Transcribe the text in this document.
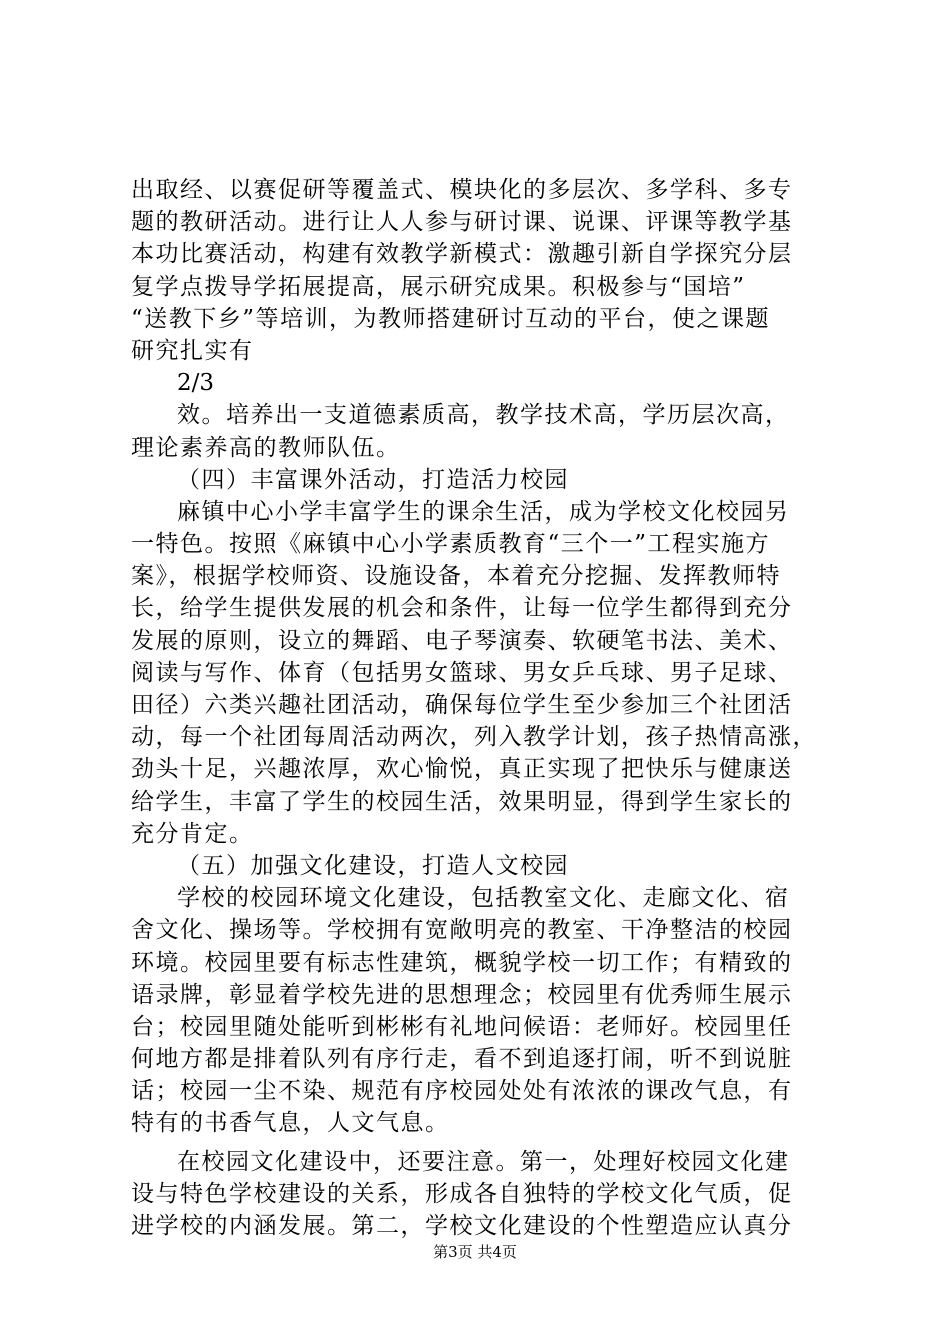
出取经、以赛促研等覆盖式、模块化的多层次、多学科、多专
题的教研活动。进行让人人参与研讨课、说课、评课等教学基
本功比赛活动，构建有效教学新模式：激趣引新自学探究分层
复学点拨导学拓展提高，展示研究成果。积极参与“国培”
“送教下乡”等培训，为教师搭建研讨互动的平台，使之课题
研究扎实有
2/3
效。培养出一支道德素质高，教学技术高，学历层次高，
理论素养高的教师队伍。
（四）丰富课外活动，打造活力校园
麻镇中心小学丰富学生的课余生活，成为学校文化校园另
一特色。按照《麻镇中心小学素质教育“三个一”工程实施方
案》，根据学校师资、设施设备，本着充分挖掘、发挥教师特
长，给学生提供发展的机会和条件，让每一位学生都得到充分
发展的原则，设立的舞蹈、电子琴演奏、软硬笔书法、美术、
阅读与写作、体育（包括男女篮球、男女乒乓球、男子足球、
田径）六类兴趣社团活动，确保每位学生至少参加三个社团活
动，每一个社团每周活动两次，列入教学计划，孩子热情高涨，
劲头十足，兴趣浓厚，欢心愉悦，真正实现了把快乐与健康送
给学生，丰富了学生的校园生活，效果明显，得到学生家长的
充分肯定。
（五）加强文化建设，打造人文校园
学校的校园环境文化建设，包括教室文化、走廊文化、宿
舍文化、操场等。学校拥有宽敞明亮的教室、干净整洁的校园
环境。校园里要有标志性建筑，概貌学校一切工作；有精致的
语录牌，彰显着学校先进的思想理念；校园里有优秀师生展示
台；校园里随处能听到彬彬有礼地问候语：老师好。校园里任
何地方都是排着队列有序行走，看不到追逐打闹，听不到说脏
话；校园一尘不染、规范有序校园处处有浓浓的课改气息，有
特有的书香气息，人文气息。
在校园文化建设中，还要注意。第一，处理好校园文化建
设与特色学校建设的关系，形成各自独特的学校文化气质，促
进学校的内涵发展。第二，学校文化建设的个性塑造应认真分
第3页 共4页
